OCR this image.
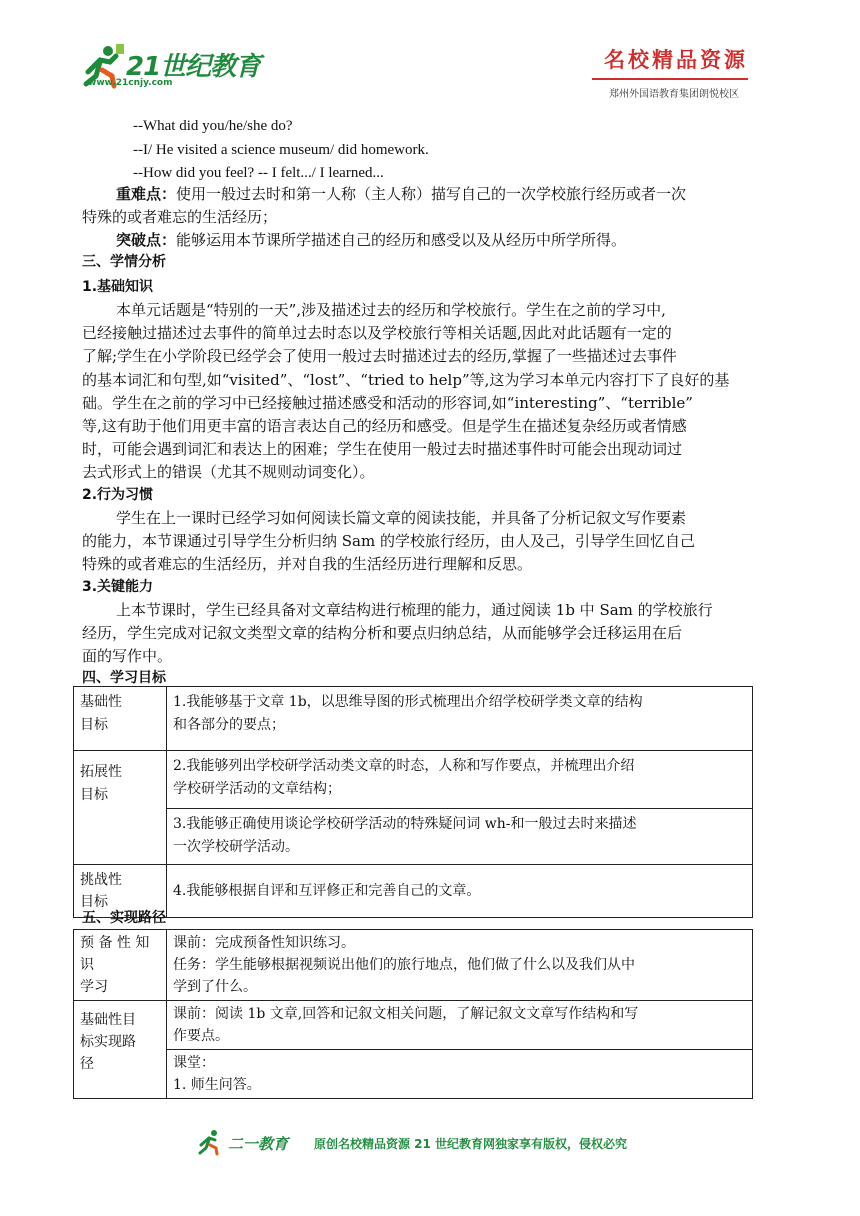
21世纪教育
www.21cnjy.com
名校精品资源
郑州外国语教育集团朗悦校区
--What did you/he/she do?
--I/ He visited a science museum/ did homework.
--How did you feel? -- I felt.../ I learned...
重难点：使用一般过去时和第一人称（主人称）描写自己的一次学校旅行经历或者一次
特殊的或者难忘的生活经历；
突破点：能够运用本节课所学描述自己的经历和感受以及从经历中所学所得。
三、学情分析
1.基础知识
本单元话题是“特别的一天”,涉及描述过去的经历和学校旅行。学生在之前的学习中,
已经接触过描述过去事件的简单过去时态以及学校旅行等相关话题,因此对此话题有一定的
了解;学生在小学阶段已经学会了使用一般过去时描述过去的经历,掌握了一些描述过去事件
的基本词汇和句型,如“visited”、“lost”、“tried to help”等,这为学习本单元内容打下了良好的基
础。学生在之前的学习中已经接触过描述感受和活动的形容词,如“interesting”、“terrible”
等,这有助于他们用更丰富的语言表达自己的经历和感受。但是学生在描述复杂经历或者情感
时，可能会遇到词汇和表达上的困难；学生在使用一般过去时描述事件时可能会出现动词过
去式形式上的错误（尤其不规则动词变化）。
2.行为习惯
学生在上一课时已经学习如何阅读长篇文章的阅读技能，并具备了分析记叙文写作要素
的能力，本节课通过引导学生分析归纳 Sam 的学校旅行经历，由人及己，引导学生回忆自己
特殊的或者难忘的生活经历，并对自我的生活经历进行理解和反思。
3.关键能力
上本节课时，学生已经具备对文章结构进行梳理的能力，通过阅读 1b 中 Sam 的学校旅行
经历，学生完成对记叙文类型文章的结构分析和要点归纳总结，从而能够学会迁移运用在后
面的写作中。
四、学习目标
基础性
目标	1.我能够基于文章 1b，以思维导图的形式梳理出介绍学校研学类文章的结构
和各部分的要点；
拓展性
目标	2.我能够列出学校研学活动类文章的时态，人称和写作要点，并梳理出介绍
学校研学活动的文章结构；
	3.我能够正确使用谈论学校研学活动的特殊疑问词 wh-和一般过去时来描述
一次学校研学活动。
挑战性
目标	4.我能够根据自评和互评修正和完善自己的文章。
五、实现路径
预 备 性 知
识
学习	课前：完成预备性知识练习。
任务：学生能够根据视频说出他们的旅行地点，他们做了什么以及我们从中
学到了什么。
基础性目
标实现路
径	课前：阅读 1b 文章,回答和记叙文相关问题，了解记叙文文章写作结构和写
作要点。
	课堂：
1. 师生问答。
二一教育 原创名校精品资源 21 世纪教育网独家享有版权，侵权必究
